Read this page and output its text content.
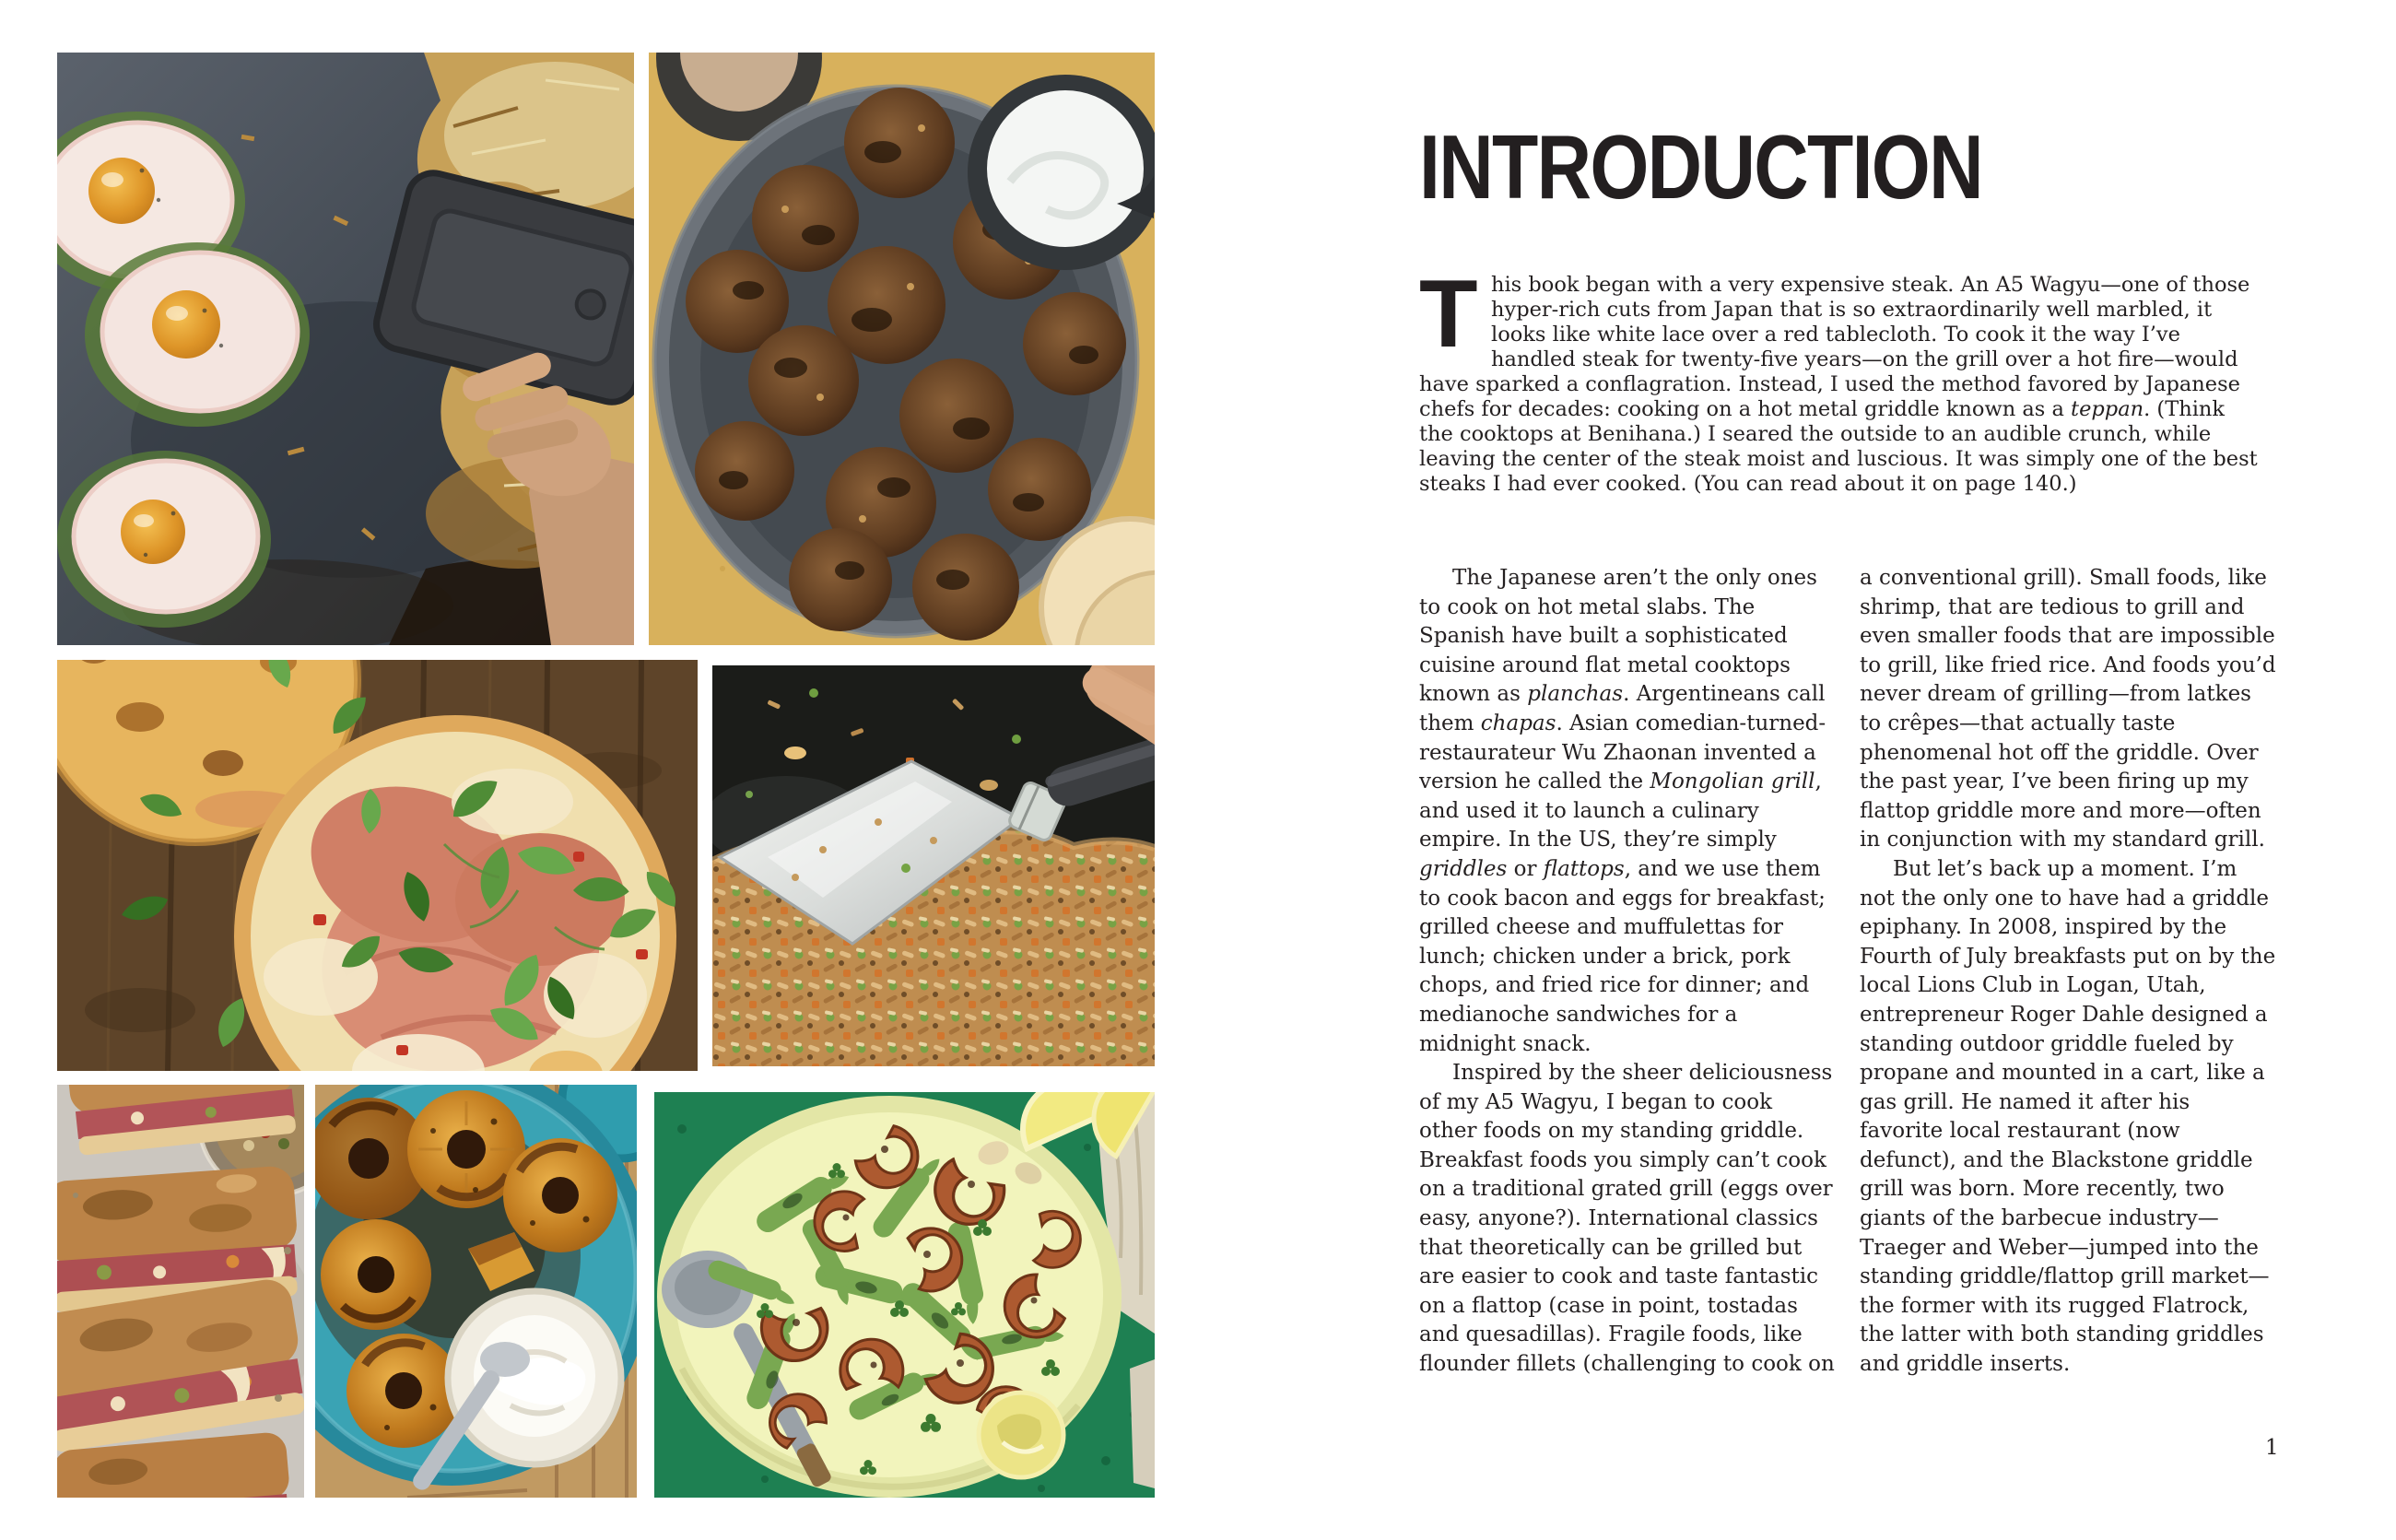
INTRODUCTION
This book began with a very expensive steak. An A5 Wagyu—one of those hyper-rich cuts from Japan that is so extraordinarily well marbled, it looks like white lace over a red tablecloth. To cook it the way I’ve handled steak for twenty-five years—on the grill over a hot fire—would have sparked a conflagration. Instead, I used the method favored by Japanese chefs for decades: cooking on a hot metal griddle known as a teppan. (Think the cooktops at Benihana.) I seared the outside to an audible crunch, while leaving the center of the steak moist and luscious. It was simply one of the best steaks I had ever cooked. (You can read about it on page 140.)

The Japanese aren’t the only ones to cook on hot metal slabs. The Spanish have built a sophisticated cuisine around flat metal cooktops known as planchas. Argentineans call them chapas. Asian comedian-turned-restaurateur Wu Zhaonan invented a version he called the Mongolian grill, and used it to launch a culinary empire. In the US, they’re simply griddles or flattops, and we use them to cook bacon and eggs for breakfast; grilled cheese and muffulettas for lunch; chicken under a brick, pork chops, and fried rice for dinner; and medianoche sandwiches for a midnight snack.

Inspired by the sheer deliciousness of my A5 Wagyu, I began to cook other foods on my standing griddle. Breakfast foods you simply can’t cook on a traditional grated grill (eggs over easy, anyone?). International classics that theoretically can be grilled but are easier to cook and taste fantastic on a flattop (case in point, tostadas and quesadillas). Fragile foods, like flounder fillets (challenging to cook on

a conventional grill). Small foods, like shrimp, that are tedious to grill and even smaller foods that are impossible to grill, like fried rice. And foods you’d never dream of grilling—from latkes to crêpes—that actually taste phenomenal hot off the griddle. Over the past year, I’ve been firing up my flattop griddle more and more—often in conjunction with my standard grill.

But let’s back up a moment. I’m not the only one to have had a griddle epiphany. In 2008, inspired by the Fourth of July breakfasts put on by the local Lions Club in Logan, Utah, entrepreneur Roger Dahle designed a standing outdoor griddle fueled by propane and mounted in a cart, like a gas grill. He named it after his favorite local restaurant (now defunct), and the Blackstone griddle grill was born. More recently, two giants of the barbecue industry—Traeger and Weber—jumped into the standing griddle/flattop grill market—the former with its rugged Flatrock, the latter with both standing griddles and griddle inserts.

1
